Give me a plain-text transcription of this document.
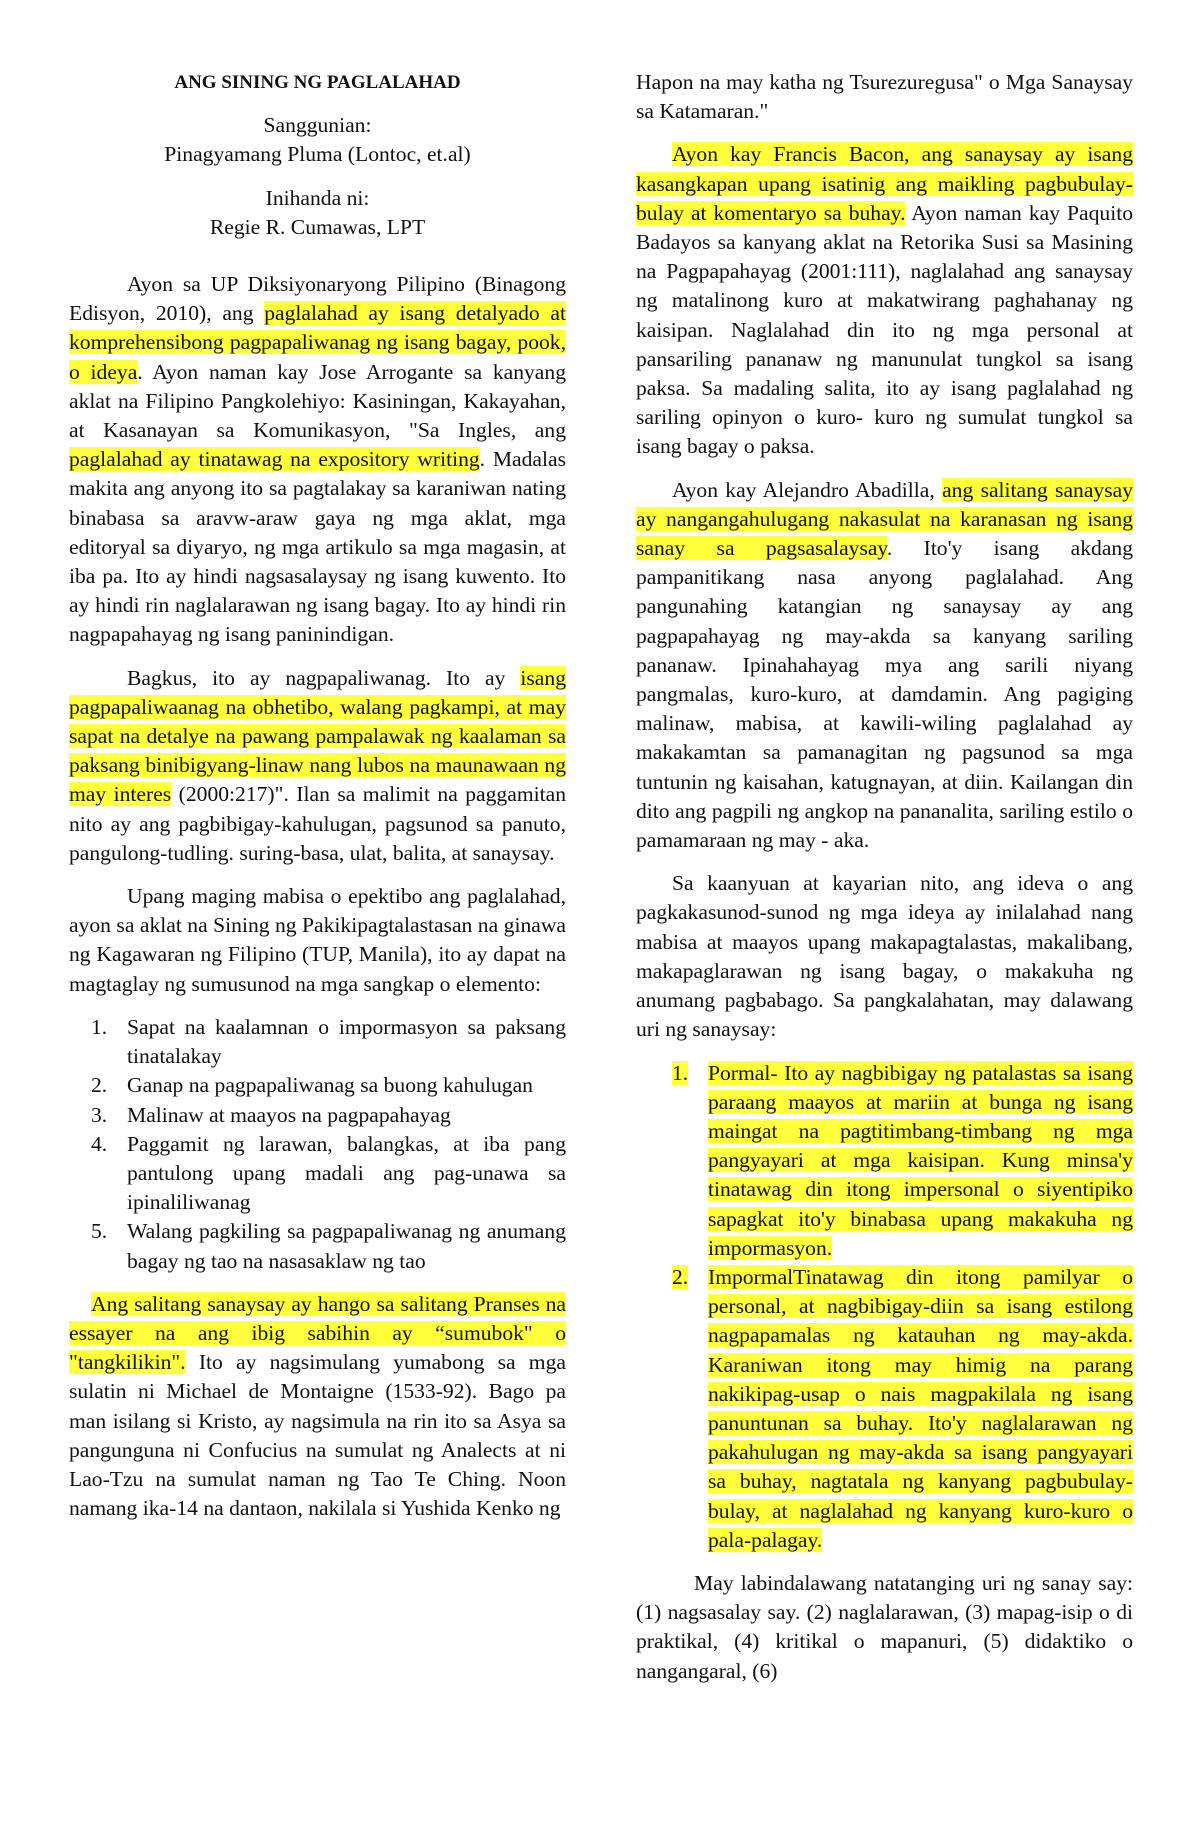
ANG SINING NG PAGLALAHAD

Sanggunian:

Pinagyamang Pluma (Lontoc, et.al)

Inihanda ni:

Regie R. Cumawas, LPT

Ayon sa UP Diksiyonaryong Pilipino (Binagong Edisyon, 2010), ang paglalahad ay isang detalyado at komprehensibong pagpapaliwanag ng isang bagay, pook, o ideya. Ayon naman kay Jose Arrogante sa kanyang aklat na Filipino Pangkolehiyo: Kasiningan, Kakayahan, at Kasanayan sa Komunikasyon, "Sa Ingles, ang paglalahad ay tinatawag na expository writing. Madalas makita ang anyong ito sa pagtalakay sa karaniwan nating binabasa sa aravw-araw gaya ng mga aklat, mga editoryal sa diyaryo, ng mga artikulo sa mga magasin, at iba pa. Ito ay hindi nagsasalaysay ng isang kuwento. Ito ay hindi rin naglalarawan ng isang bagay. Ito ay hindi rin nagpapahayag ng isang paninindigan.

Bagkus, ito ay nagpapaliwanag. Ito ay isang pagpapaliwaanag na obhetibo, walang pagkampi, at may sapat na detalye na pawang pampalawak ng kaalaman sa paksang binibigyang-linaw nang lubos na maunawaan ng may interes (2000:217)". Ilan sa malimit na paggamitan nito ay ang pagbibigay-kahulugan, pagsunod sa panuto, pangulong-tudling. suring-basa, ulat, balita, at sanaysay.

Upang maging mabisa o epektibo ang paglalahad, ayon sa aklat na Sining ng Pakikipagtalastasan na ginawa ng Kagawaran ng Filipino (TUP, Manila), ito ay dapat na magtaglay ng sumusunod na mga sangkap o elemento:

1. Sapat na kaalamnan o impormasyon sa paksang tinatalakay
2. Ganap na pagpapaliwanag sa buong kahulugan
3. Malinaw at maayos na pagpapahayag
4. Paggamit ng larawan, balangkas, at iba pang pantulong upang madali ang pag-unawa sa ipinaliliwanag
5. Walang pagkiling sa pagpapaliwanag ng anumang bagay ng tao na nasasaklaw ng tao

Ang salitang sanaysay ay hango sa salitang Pranses na essayer na ang ibig sabihin ay “sumubok" o "tangkilikin". Ito ay nagsimulang yumabong sa mga sulatin ni Michael de Montaigne (1533-92). Bago pa man isilang si Kristo, ay nagsimula na rin ito sa Asya sa pangunguna ni Confucius na sumulat ng Analects at ni Lao-Tzu na sumulat naman ng Tao Te Ching. Noon namang ika-14 na dantaon, nakilala si Yushida Kenko ng

Hapon na may katha ng Tsurezuregusa" o Mga Sanaysay sa Katamaran."

Ayon kay Francis Bacon, ang sanaysay ay isang kasangkapan upang isatinig ang maikling pagbubulay-bulay at komentaryo sa buhay. Ayon naman kay Paquito Badayos sa kanyang aklat na Retorika Susi sa Masining na Pagpapahayag (2001:111), naglalahad ang sanaysay ng matalinong kuro at makatwirang paghahanay ng kaisipan. Naglalahad din ito ng mga personal at pansariling pananaw ng manunulat tungkol sa isang paksa. Sa madaling salita, ito ay isang paglalahad ng sariling opinyon o kuro- kuro ng sumulat tungkol sa isang bagay o paksa.

Ayon kay Alejandro Abadilla, ang salitang sanaysay ay nangangahulugang nakasulat na karanasan ng isang sanay sa pagsasalaysay. Ito'y isang akdang pampanitikang nasa anyong paglalahad. Ang pangunahing katangian ng sanaysay ay ang pagpapahayag ng may-akda sa kanyang sariling pananaw. Ipinahahayag mya ang sarili niyang pangmalas, kuro-kuro, at damdamin. Ang pagiging malinaw, mabisa, at kawili-wiling paglalahad ay makakamtan sa pamanagitan ng pagsunod sa mga tuntunin ng kaisahan, katugnayan, at diin. Kailangan din dito ang pagpili ng angkop na pananalita, sariling estilo o pamamaraan ng may - aka.

Sa kaanyuan at kayarian nito, ang ideva o ang pagkakasunod-sunod ng mga ideya ay inilalahad nang mabisa at maayos upang makapagtalastas, makalibang, makapaglarawan ng isang bagay, o makakuha ng anumang pagbabago. Sa pangkalahatan, may dalawang uri ng sanaysay:

1. Pormal- Ito ay nagbibigay ng patalastas sa isang paraang maayos at mariin at bunga ng isang maingat na pagtitimbang-timbang ng mga pangyayari at mga kaisipan. Kung minsa'y tinatawag din itong impersonal o siyentipiko sapagkat ito'y binabasa upang makakuha ng impormasyon.
2. ImpormalTinatawag din itong pamilyar o personal, at nagbibigay-diin sa isang estilong nagpapamalas ng katauhan ng may-akda. Karaniwan itong may himig na parang nakikipag-usap o nais magpakilala ng isang panuntunan sa buhay. Ito'y naglalarawan ng pakahulugan ng may-akda sa isang pangyayari sa buhay, nagtatala ng kanyang pagbubulay-bulay, at naglalahad ng kanyang kuro-kuro o pala-palagay.

May labindalawang natatanging uri ng sanay say: (1) nagsasalay say. (2) naglalarawan, (3) mapag-isip o di praktikal, (4) kritikal o mapanuri, (5) didaktiko o nangangaral, (6)
